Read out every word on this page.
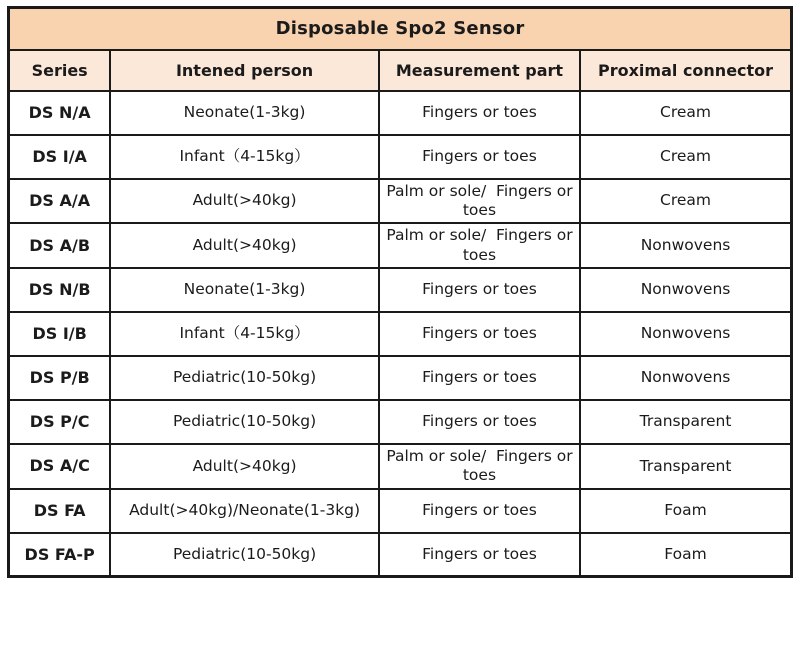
Disposable Spo2 Sensor			
Series	Intened person	Measurement part	Proximal connector
DS N/A	Neonate(1-3kg)	Fingers or toes	Cream
DS I/A	Infant（4-15kg）	Fingers or toes	Cream
DS A/A	Adult(>40kg)	Palm or sole/  Fingers or toes	Cream
DS A/B	Adult(>40kg)	Palm or sole/  Fingers or toes	Nonwovens
DS N/B	Neonate(1-3kg)	Fingers or toes	Nonwovens
DS I/B	Infant（4-15kg）	Fingers or toes	Nonwovens
DS P/B	Pediatric(10-50kg)	Fingers or toes	Nonwovens
DS P/C	Pediatric(10-50kg)	Fingers or toes	Transparent
DS A/C	Adult(>40kg)	Palm or sole/  Fingers or toes	Transparent
DS FA	Adult(>40kg)/Neonate(1-3kg)	Fingers or toes	Foam
DS FA-P	Pediatric(10-50kg)	Fingers or toes	Foam
